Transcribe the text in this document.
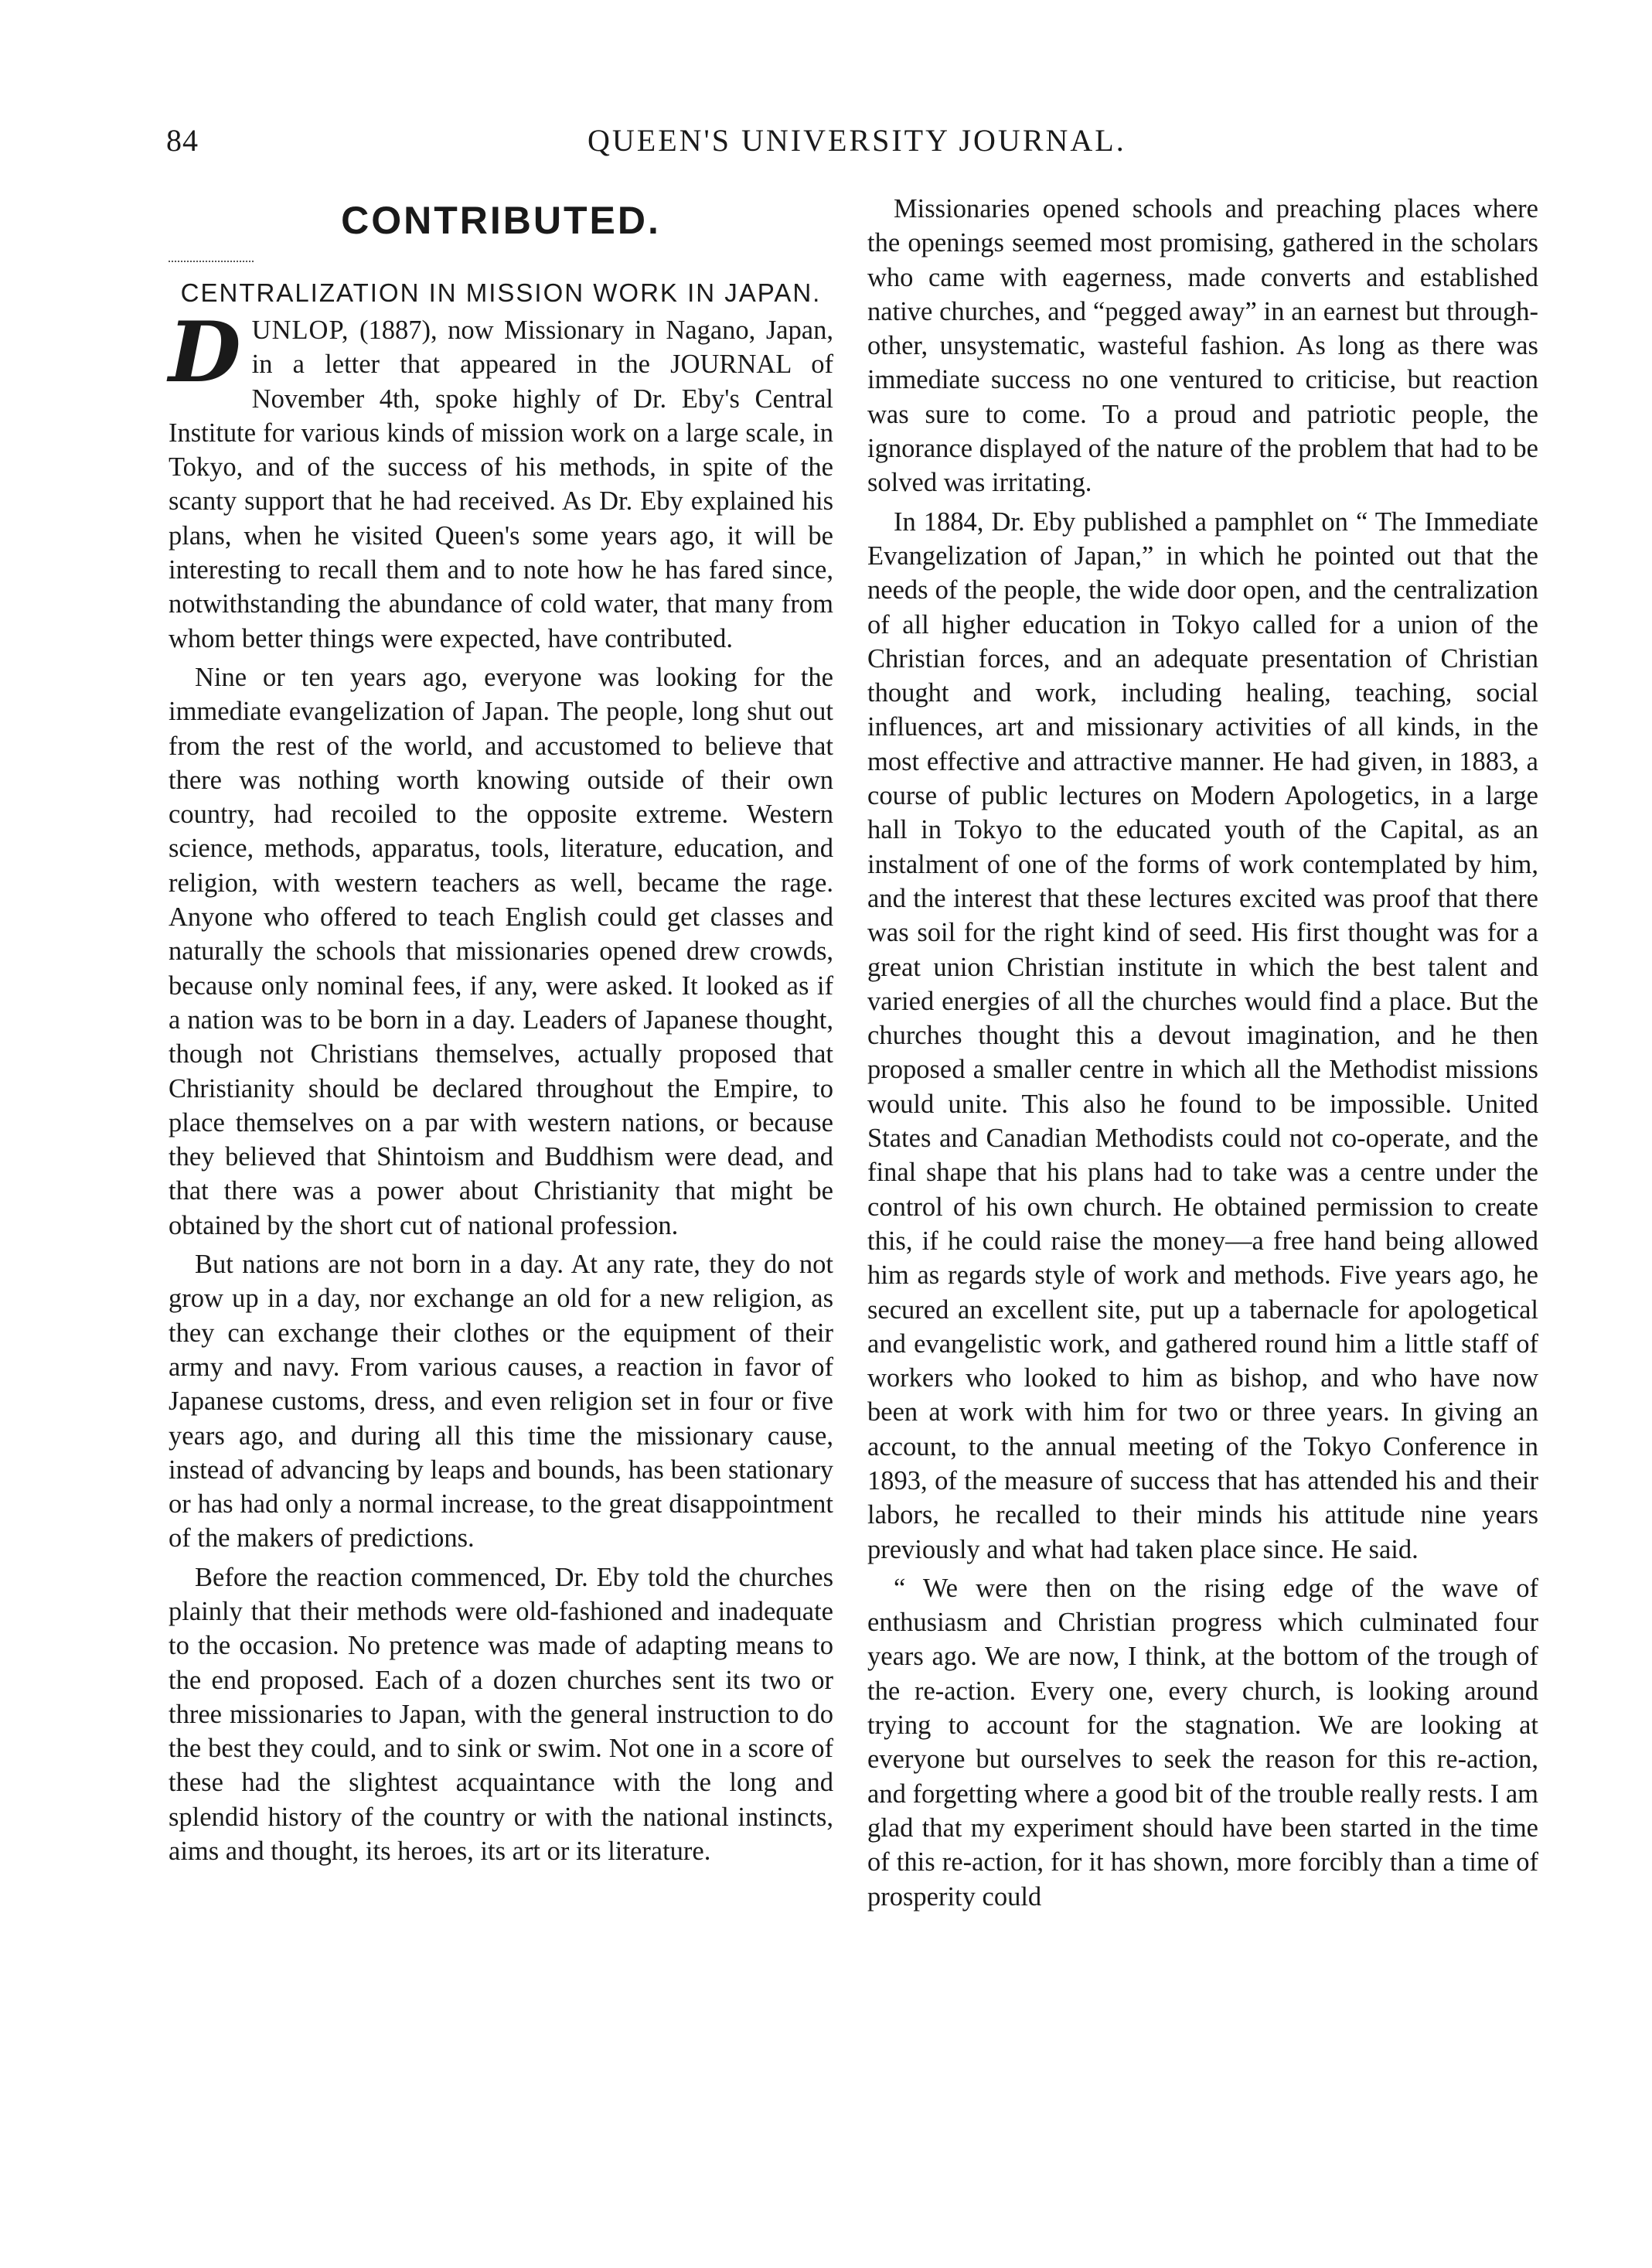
84	QUEEN'S UNIVERSITY JOURNAL.
CONTRIBUTED.
CENTRALIZATION IN MISSION WORK IN JAPAN.

DUNLOP, (1887), now Missionary in Nagano, Japan, in a letter that appeared in the JOURNAL of November 4th, spoke highly of Dr. Eby's Central Institute for various kinds of mission work on a large scale, in Tokyo, and of the success of his methods, in spite of the scanty support that he had received. As Dr. Eby explained his plans, when he visited Queen's some years ago, it will be interesting to recall them and to note how he has fared since, notwithstanding the abundance of cold water, that many from whom better things were expected, have contributed.

Nine or ten years ago, everyone was looking for the immediate evangelization of Japan. The people, long shut out from the rest of the world, and accustomed to believe that there was nothing worth knowing outside of their own country, had recoiled to the opposite extreme. Western science, methods, apparatus, tools, literature, education, and religion, with western teachers as well, became the rage. Anyone who offered to teach English could get classes and naturally the schools that missionaries opened drew crowds, because only nominal fees, if any, were asked. It looked as if a nation was to be born in a day. Leaders of Japanese thought, though not Christians themselves, actually proposed that Christianity should be declared throughout the Empire, to place themselves on a par with western nations, or because they believed that Shintoism and Buddhism were dead, and that there was a power about Christianity that might be obtained by the short cut of national profession.

But nations are not born in a day. At any rate, they do not grow up in a day, nor exchange an old for a new religion, as they can exchange their clothes or the equipment of their army and navy. From various causes, a reaction in favor of Japanese customs, dress, and even religion set in four or five years ago, and during all this time the missionary cause, instead of advancing by leaps and bounds, has been stationary or has had only a normal increase, to the great disappointment of the makers of predictions.

Before the reaction commenced, Dr. Eby told the churches plainly that their methods were old-fashioned and inadequate to the occasion. No pretence was made of adapting means to the end proposed. Each of a dozen churches sent its two or three missionaries to Japan, with the general instruction to do the best they could, and to sink or swim. Not one in a score of these had the slightest acquaintance with the long and splendid history of the country or with the national instincts, aims and thought, its heroes, its art or its literature.

Missionaries opened schools and preaching places where the openings seemed most promising, gathered in the scholars who came with eagerness, made converts and established native churches, and “pegged away” in an earnest but through-other, unsystematic, wasteful fashion. As long as there was immediate success no one ventured to criticise, but reaction was sure to come. To a proud and patriotic people, the ignorance displayed of the nature of the problem that had to be solved was irritating.

In 1884, Dr. Eby published a pamphlet on “ The Immediate Evangelization of Japan,” in which he pointed out that the needs of the people, the wide door open, and the centralization of all higher education in Tokyo called for a union of the Christian forces, and an adequate presentation of Christian thought and work, including healing, teaching, social influences, art and missionary activities of all kinds, in the most effective and attractive manner. He had given, in 1883, a course of public lectures on Modern Apologetics, in a large hall in Tokyo to the educated youth of the Capital, as an instalment of one of the forms of work contemplated by him, and the interest that these lectures excited was proof that there was soil for the right kind of seed. His first thought was for a great union Christian institute in which the best talent and varied energies of all the churches would find a place. But the churches thought this a devout imagination, and he then proposed a smaller centre in which all the Methodist missions would unite. This also he found to be impossible. United States and Canadian Methodists could not co-operate, and the final shape that his plans had to take was a centre under the control of his own church. He obtained permission to create this, if he could raise the money—a free hand being allowed him as regards style of work and methods. Five years ago, he secured an excellent site, put up a tabernacle for apologetical and evangelistic work, and gathered round him a little staff of workers who looked to him as bishop, and who have now been at work with him for two or three years. In giving an account, to the annual meeting of the Tokyo Conference in 1893, of the measure of success that has attended his and their labors, he recalled to their minds his attitude nine years previously and what had taken place since. He said.

“ We were then on the rising edge of the wave of enthusiasm and Christian progress which culminated four years ago. We are now, I think, at the bottom of the trough of the re-action. Every one, every church, is looking around trying to account for the stagnation. We are looking at everyone but ourselves to seek the reason for this re-action, and forgetting where a good bit of the trouble really rests. I am glad that my experiment should have been started in the time of this re-action, for it has shown, more forcibly than a time of prosperity could
